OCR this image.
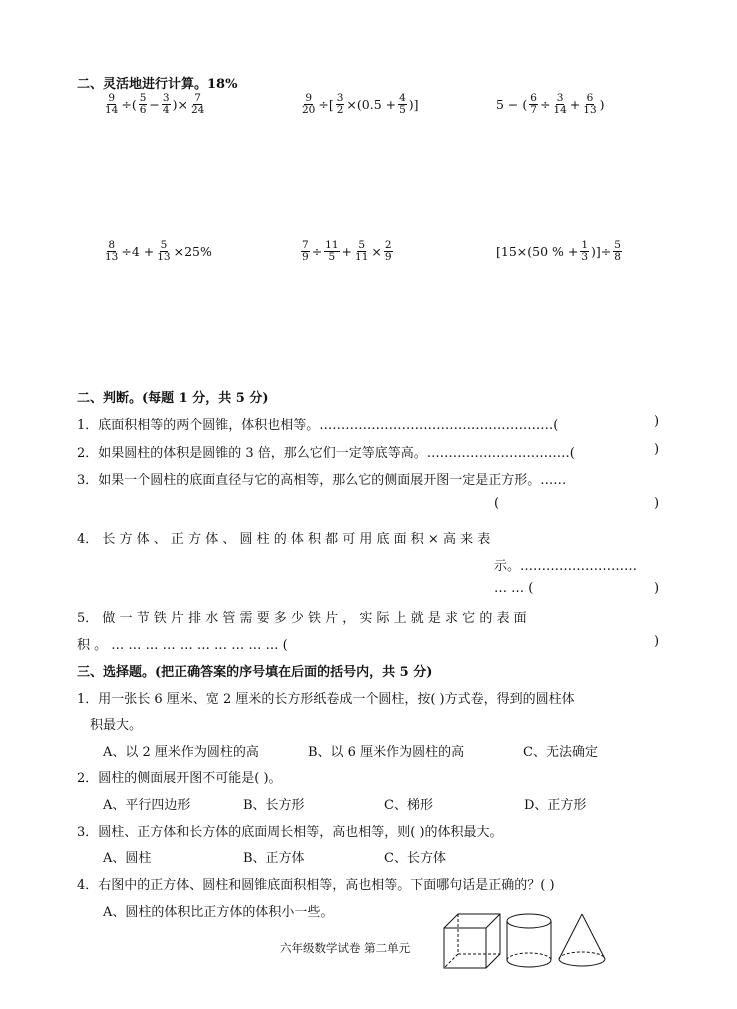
二、灵活地进行计算。18%
$\frac{9}{14}$ ÷( $\frac{5}{6} - \frac{3}{4}$ )× $\frac{7}{24}$	$\frac{9}{20}$ ÷[ $\frac{3}{2} \times(0.5 + \frac{4}{5}$ )]	5 − ( $\frac{6}{7} \div \frac{3}{14} + \frac{6}{13}$ )
$\frac{8}{13} \div 4 + \frac{5}{13} \times 25\%$	$\frac{7}{9} \div \frac{11}{5} + \frac{5}{11} \times \frac{2}{9}$	[15×(50 % + $\frac{1}{3}$ )]÷ $\frac{5}{8}$
二、判断。(每题 1 分，共 5 分)
1．底面积相等的两个圆锥，体积也相等。………………………………………………(	)
2．如果圆柱的体积是圆锥的 3 倍，那么它们一定等底等高。……………………………(	)
3．如果一个圆柱的底面直径与它的高相等，那么它的侧面展开图一定是正方形。……
(	)
4． 长 方 体 、 正 方 体 、 圆 柱 的 体 积 都 可 用 底 面 积 × 高 来 表
示。………………………
… … (	)
5． 做 一 节 铁 片 排 水 管 需 要 多 少 铁 片 ， 实 际 上 就 是 求 它 的 表 面
积 。 … … … … … … … … … … (	)
三、选择题。(把正确答案的序号填在后面的括号内，共 5 分)
1．用一张长 6 厘米、宽 2 厘米的长方形纸卷成一个圆柱，按( )方式卷，得到的圆柱体
积最大。
A、以 2 厘米作为圆柱的高	B、以 6 厘米作为圆柱的高	C、无法确定
2．圆柱的侧面展开图不可能是( )。
A、平行四边形	B、长方形	C、梯形	D、正方形
3．圆柱、正方体和长方体的底面周长相等，高也相等，则( )的体积最大。
A、圆柱	B、正方体	C、长方体
4．右图中的正方体、圆柱和圆锥底面积相等，高也相等。下面哪句话是正确的？( )
A、圆柱的体积比正方体的体积小一些。
六年级数学试卷 第二单元
